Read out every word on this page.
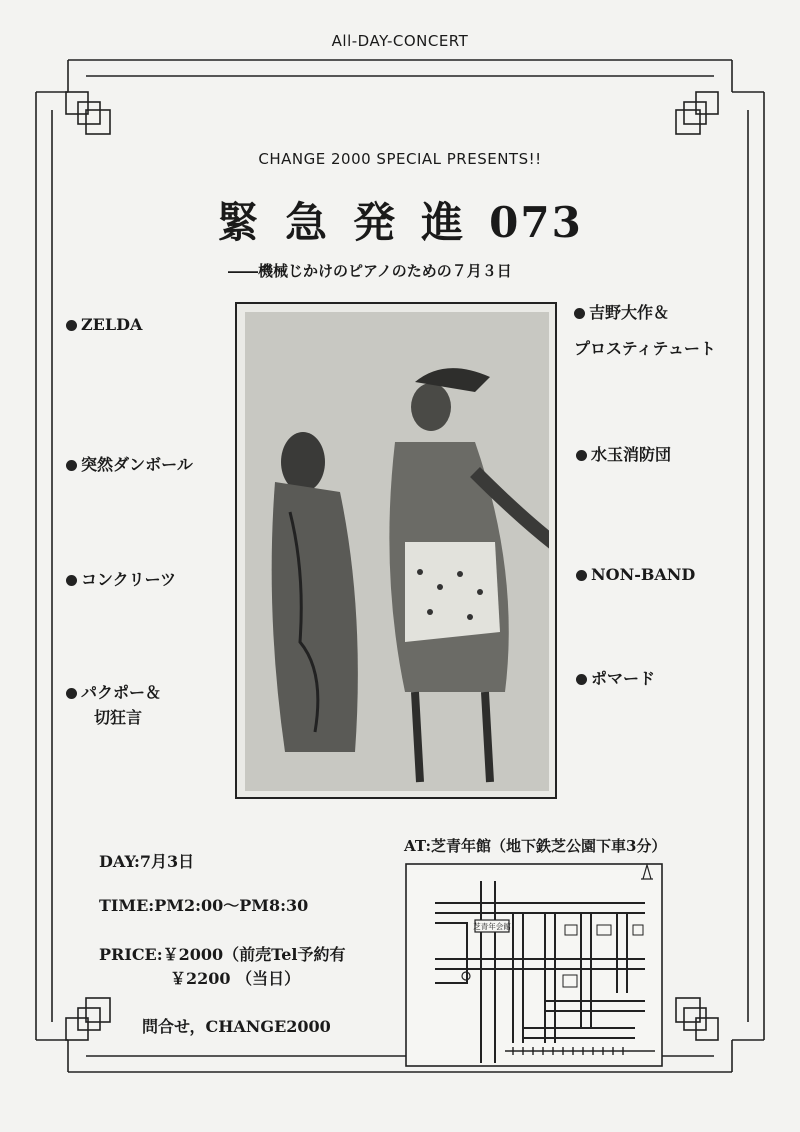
All-DAY-CONCERT
CHANGE 2000 SPECIAL PRESENTS!!
緊急発進073
――機械じかけのピアノのための７月３日
ZELDA
突然ダンボール
コンクリーツ
パクポー＆
切狂言
吉野大作＆
プロスティテュート
水玉消防団
NON-BAND
ポマード
DAY:7月3日
TIME:PM2:00～PM8:30
PRICE:￥2000（前売Tel予約有
￥2200 （当日）
問合せ，CHANGE2000
AT:芝青年館（地下鉄芝公園下車3分）
芝青年会館
